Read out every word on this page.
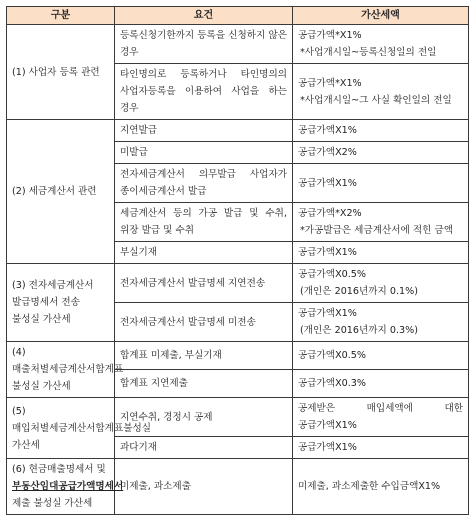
구분	요건	가산세액
(1) 사업자 등록 관련	등록신청기한까지 등록을 신청하지 않은 경우	공급가액*X1%
*사업개시일~등록신청일의 전일

	타인명의로 등록하거나 타인명의의 사업자등록을 이용하여 사업을 하는 경우	공급가액*X1%
*사업개시일~그 사실 확인일의 전일

(2) 세금계산서 관련	지연발급	공급가액X1%
	미발급	공급가액X2%
	전자세금계산서 의무발급 사업자가 종이세금계산서 발급	공급가액X1%
	세금계산서 등의 가공 발급 및 수취, 위장 발급 및 수취	공급가액*X2%
*가공발급은 세금계산서에 적힌 금액

	부실기재	공급가액X1%
(3) 전자세금계산서 발급명세서 전송 불성실 가산세	전자세금계산서 발급명세 지연전송	공급가액X0.5%
(개인은 2016년까지 0.1%)

	전자세금계산서 발급명세 미전송	공급가액X1%
(개인은 2016년까지 0.3%)

(4) 매출처별세금계산서합계표 불성실 가산세	합계표 미제출, 부실기재	공급가액X0.5%
	합계표 지연제출	공급가액X0.3%
(5) 매입처별세금계산서합계표불성실 가산세	지연수취, 경정시 공제	공제받은 매입세액에 대한 공급가액X1%
	과다기재	공급가액X1%
(6) 현금매출명세서 및 부동산임대공급가액명세서 제출 불성실 가산세	미제출, 과소제출	미제출, 과소제출한 수입금액X1%
